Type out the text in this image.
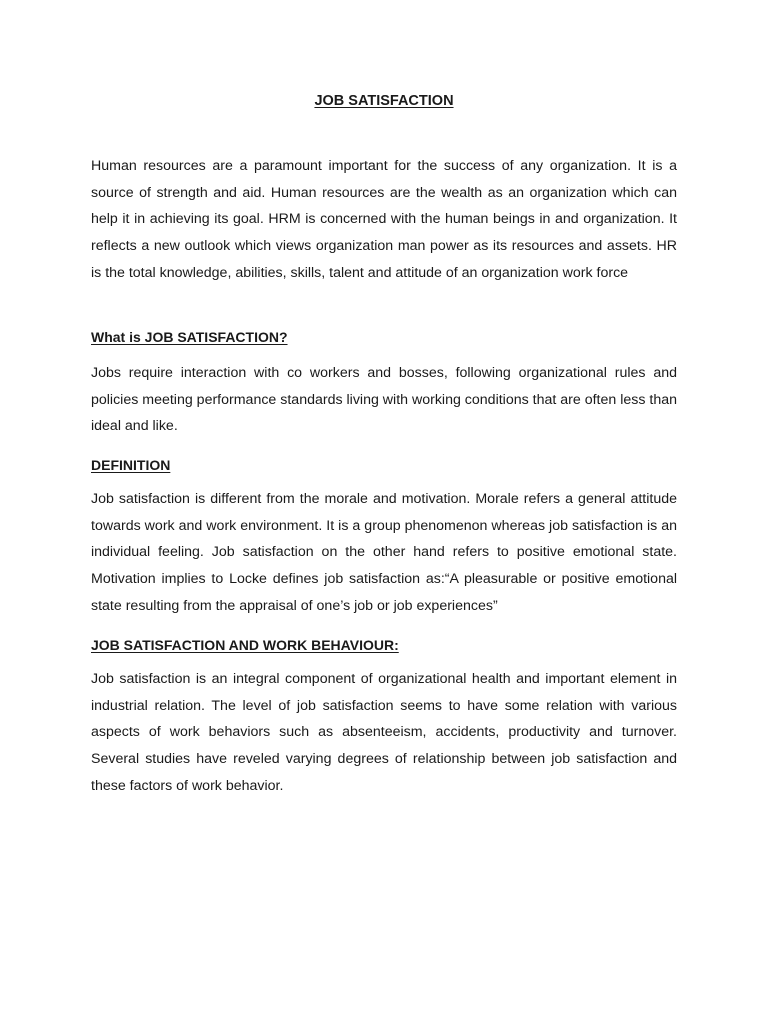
JOB SATISFACTION

Human resources are a paramount important for the success of any organization. It is a source of strength and aid. Human resources are the wealth as an organization which can help it in achieving its goal. HRM is concerned with the human beings in and organization. It reflects a new outlook which views organization man power as its resources and assets. HR is the total knowledge, abilities, skills, talent and attitude of an organization work force

What is JOB SATISFACTION?

Jobs require interaction with co workers and bosses, following organizational rules and policies meeting performance standards living with working conditions that are often less than ideal and like.

DEFINITION

Job satisfaction is different from the morale and motivation. Morale refers a general attitude towards work and work environment. It is a group phenomenon whereas job satisfaction is an individual feeling. Job satisfaction on the other hand refers to positive emotional state. Motivation implies to Locke defines job satisfaction as:“A pleasurable or positive emotional state resulting from the appraisal of one’s job or job experiences”

JOB SATISFACTION AND WORK BEHAVIOUR:

Job satisfaction is an integral component of organizational health and important element in industrial relation. The level of job satisfaction seems to have some relation with various aspects of work behaviors such as absenteeism, accidents, productivity and turnover. Several studies have reveled varying degrees of relationship between job satisfaction and these factors of work behavior.
